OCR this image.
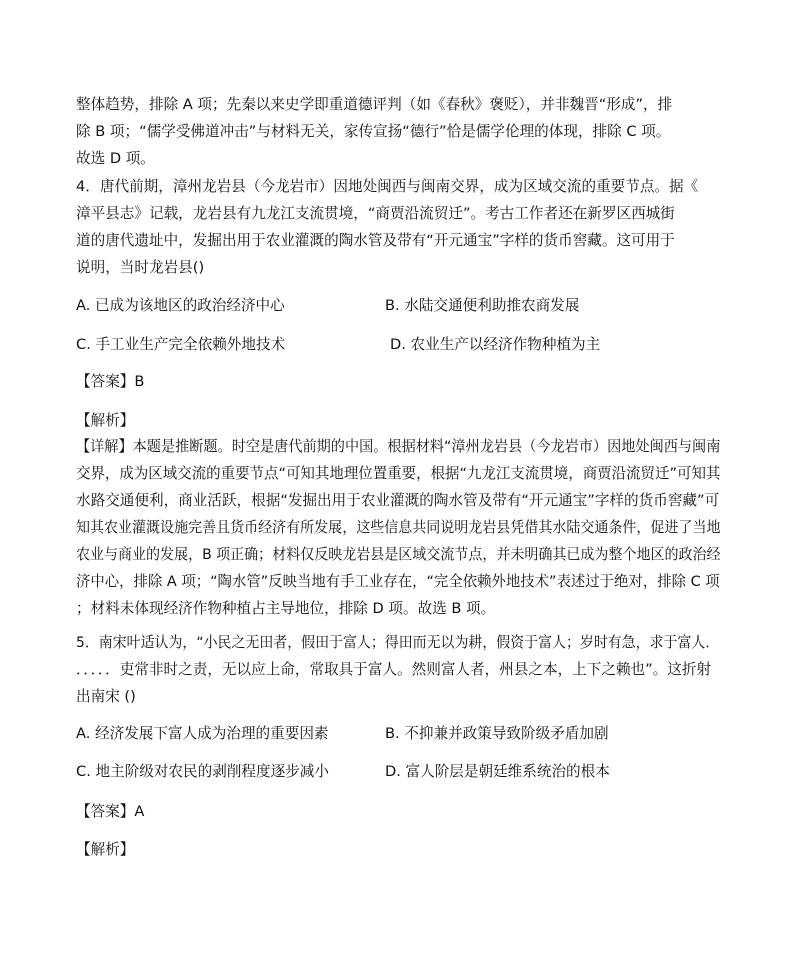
整体趋势，排除 A 项；先秦以来史学即重道德评判（如《春秋》褒贬），并非魏晋“形成”，排
除 B 项；“儒学受佛道冲击”与材料无关，家传宣扬“德行”恰是儒学伦理的体现，排除 C 项。
故选 D 项。
4．唐代前期，漳州龙岩县（今龙岩市）因地处闽西与闽南交界，成为区域交流的重要节点。据《
漳平县志》记载，龙岩县有九龙江支流贯境，“商贾沿流贸迁”。考古工作者还在新罗区西城街
道的唐代遗址中，发掘出用于农业灌溉的陶水管及带有“开元通宝”字样的货币窖藏。这可用于
说明，当时龙岩县()
A. 已成为该地区的政治经济中心	B. 水陆交通便利助推农商发展
C. 手工业生产完全依赖外地技术	D. 农业生产以经济作物种植为主
【答案】B
【解析】
【详解】本题是推断题。时空是唐代前期的中国。根据材料“漳州龙岩县（今龙岩市）因地处闽西与闽南
交界，成为区域交流的重要节点“可知其地理位置重要，根据“九龙江支流贯境，商贾沿流贸迁”可知其
水路交通便利，商业活跃，根据“发掘出用于农业灌溉的陶水管及带有“开元通宝”字样的货币窖藏”可
知其农业灌溉设施完善且货币经济有所发展，这些信息共同说明龙岩县凭借其水陆交通条件，促进了当地
农业与商业的发展，B 项正确；材料仅反映龙岩县是区域交流节点，并未明确其已成为整个地区的政治经
济中心，排除 A 项；“陶水管”反映当地有手工业存在，“完全依赖外地技术”表述过于绝对，排除 C 项
；材料未体现经济作物种植占主导地位，排除 D 项。故选 B 项。
5．南宋叶适认为，“小民之无田者，假田于富人；得田而无以为耕，假资于富人；岁时有急，求于富人．
．．．．．吏常非时之责，无以应上命，常取具于富人。然则富人者，州县之本，上下之赖也”。这折射
出南宋 ()
A. 经济发展下富人成为治理的重要因素	B. 不抑兼并政策导致阶级矛盾加剧
C. 地主阶级对农民的剥削程度逐步减小	D. 富人阶层是朝廷维系统治的根本
【答案】A
【解析】
